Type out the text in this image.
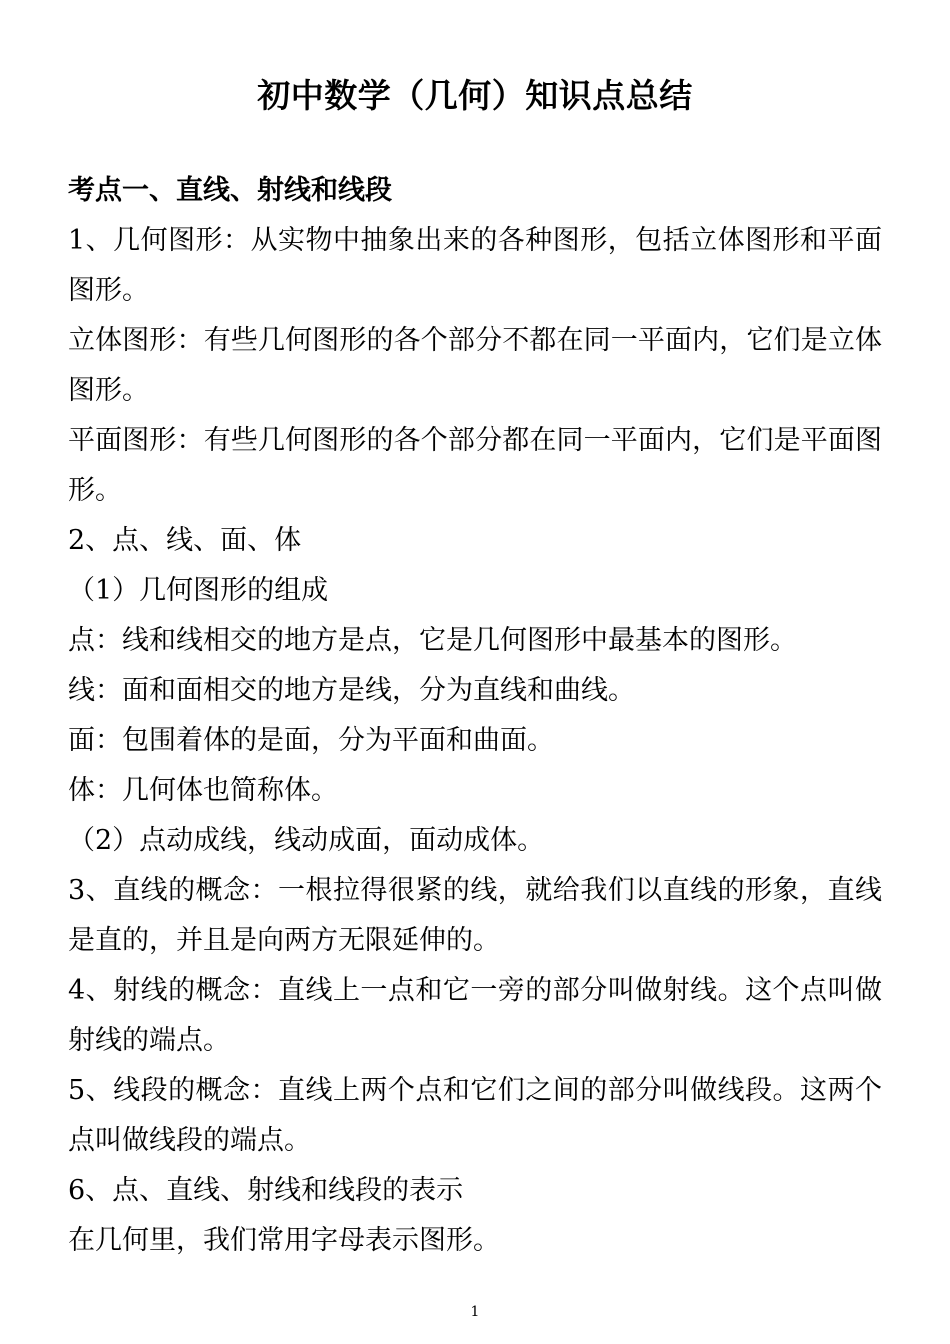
初中数学（几何）知识点总结

考点一、直线、射线和线段

1、几何图形：从实物中抽象出来的各种图形，包括立体图形和平面图形。

立体图形：有些几何图形的各个部分不都在同一平面内，它们是立体图形。

平面图形：有些几何图形的各个部分都在同一平面内，它们是平面图形。

2、点、线、面、体

（1）几何图形的组成

点：线和线相交的地方是点，它是几何图形中最基本的图形。

线：面和面相交的地方是线，分为直线和曲线。

面：包围着体的是面，分为平面和曲面。

体：几何体也简称体。

（2）点动成线，线动成面，面动成体。

3、直线的概念：一根拉得很紧的线，就给我们以直线的形象，直线是直的，并且是向两方无限延伸的。

4、射线的概念：直线上一点和它一旁的部分叫做射线。这个点叫做射线的端点。

5、线段的概念：直线上两个点和它们之间的部分叫做线段。这两个点叫做线段的端点。

6、点、直线、射线和线段的表示

在几何里，我们常用字母表示图形。

1
